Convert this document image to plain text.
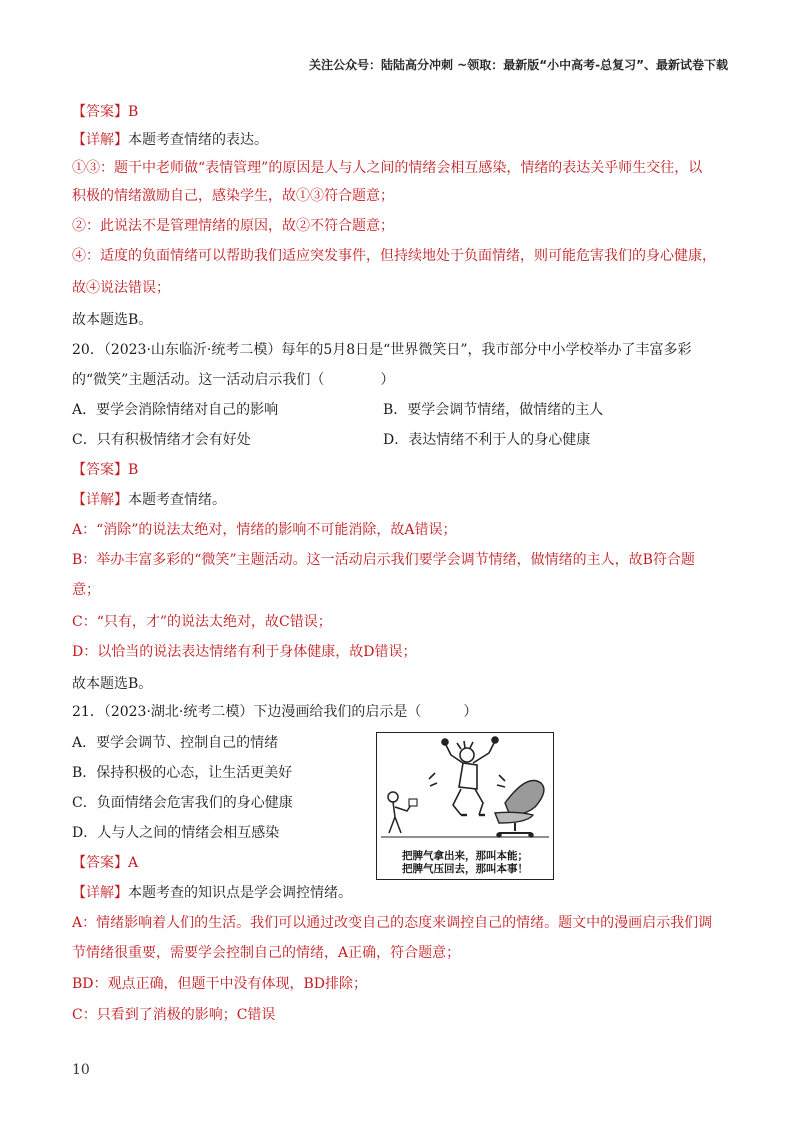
关注公众号：陆陆高分冲刺 ~领取：最新版“小中高考-总复习”、最新试卷下载
【答案】B
【详解】本题考查情绪的表达。
①③：题干中老师做“表情管理”的原因是人与人之间的情绪会相互感染，情绪的表达关乎师生交往，以
积极的情绪激励自己，感染学生，故①③符合题意；
②：此说法不是管理情绪的原因，故②不符合题意；
④：适度的负面情绪可以帮助我们适应突发事件，但持续地处于负面情绪，则可能危害我们的身心健康，
故④说法错误；
故本题选B。
20．（2023·山东临沂·统考二模）每年的5月8日是“世界微笑日”，我市部分中小学校举办了丰富多彩
的“微笑”主题活动。这一活动启示我们（　　　　）
A．要学会消除情绪对自己的影响	B．要学会调节情绪，做情绪的主人
C．只有积极情绪才会有好处	D．表达情绪不利于人的身心健康
【答案】B
【详解】本题考查情绪。
A：“消除”的说法太绝对，情绪的影响不可能消除，故A错误；
B：举办丰富多彩的“微笑”主题活动。这一活动启示我们要学会调节情绪，做情绪的主人，故B符合题
意；
C：“只有，才”的说法太绝对，故C错误；
D：以恰当的说法表达情绪有利于身体健康，故D错误；
故本题选B。
21．（2023·湖北·统考二模）下边漫画给我们的启示是（　　　）
A．要学会调节、控制自己的情绪
B．保持积极的心态，让生活更美好
C．负面情绪会危害我们的身心健康
D．人与人之间的情绪会相互感染
把脾气拿出来，那叫本能；
把脾气压回去，那叫本事！
【答案】A
【详解】本题考查的知识点是学会调控情绪。
A：情绪影响着人们的生活。我们可以通过改变自己的态度来调控自己的情绪。题文中的漫画启示我们调
节情绪很重要，需要学会控制自己的情绪，A正确，符合题意；
BD：观点正确，但题干中没有体现，BD排除；
C：只看到了消极的影响；C错误
10
